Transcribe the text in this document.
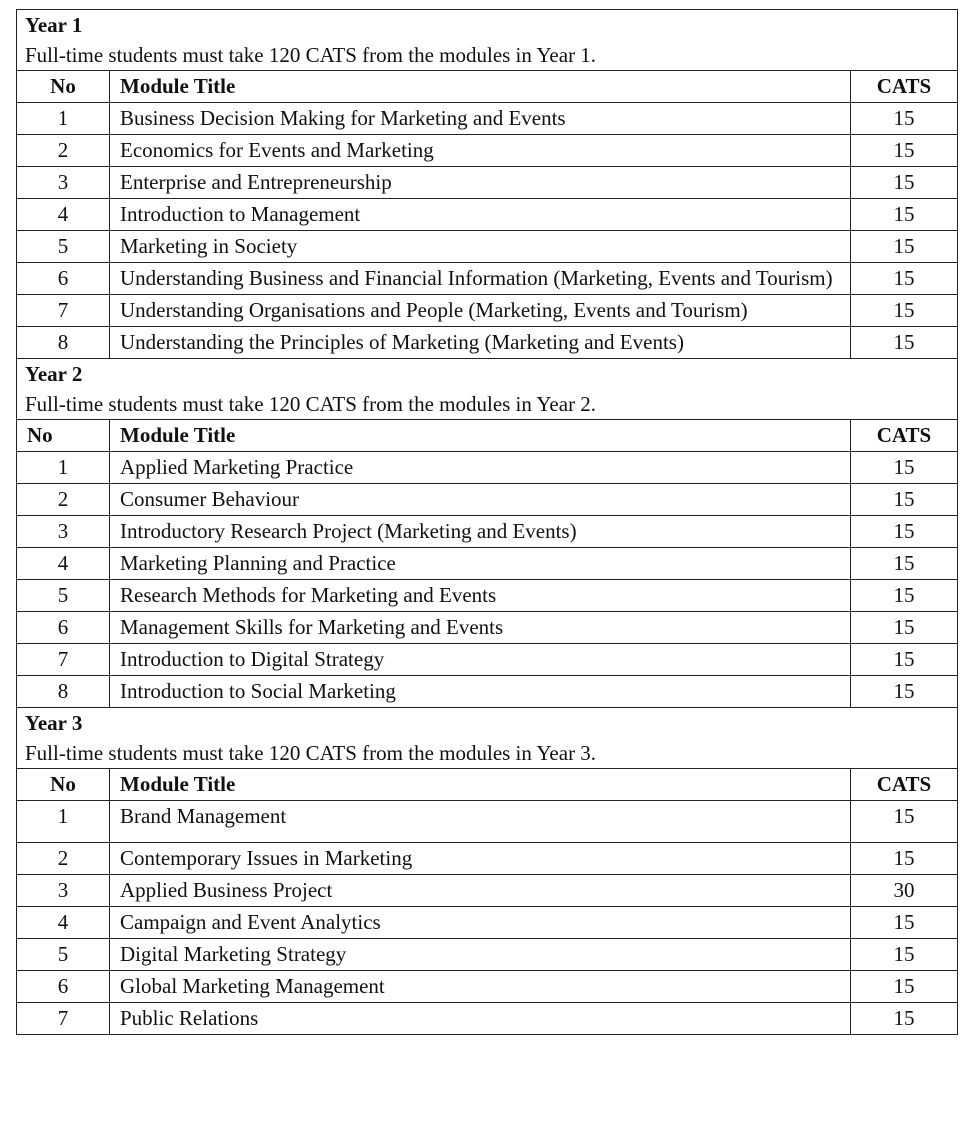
Year 1
Full-time students must take 120 CATS from the modules in Year 1.		

No	Module Title	CATS
1	Business Decision Making for Marketing and Events	15
2	Economics for Events and Marketing	15
3	Enterprise and Entrepreneurship	15
4	Introduction to Management	15
5	Marketing in Society	15
6	Understanding Business and Financial Information (Marketing, Events and Tourism)	15
7	Understanding Organisations and People (Marketing, Events and Tourism)	15
8	Understanding the Principles of Marketing (Marketing and Events)	15

Year 2
Full-time students must take 120 CATS from the modules in Year 2.		

No	Module Title	CATS
1	Applied Marketing Practice	15
2	Consumer Behaviour	15
3	Introductory Research Project (Marketing and Events)	15
4	Marketing Planning and Practice	15
5	Research Methods for Marketing and Events	15
6	Management Skills for Marketing and Events	15
7	Introduction to Digital Strategy	15
8	Introduction to Social Marketing	15

Year 3
Full-time students must take 120 CATS from the modules in Year 3.		

No	Module Title	CATS
1	Brand Management	15
2	Contemporary Issues in Marketing	15
3	Applied Business Project	30
4	Campaign and Event Analytics	15
5	Digital Marketing Strategy	15
6	Global Marketing Management	15
7	Public Relations	15
